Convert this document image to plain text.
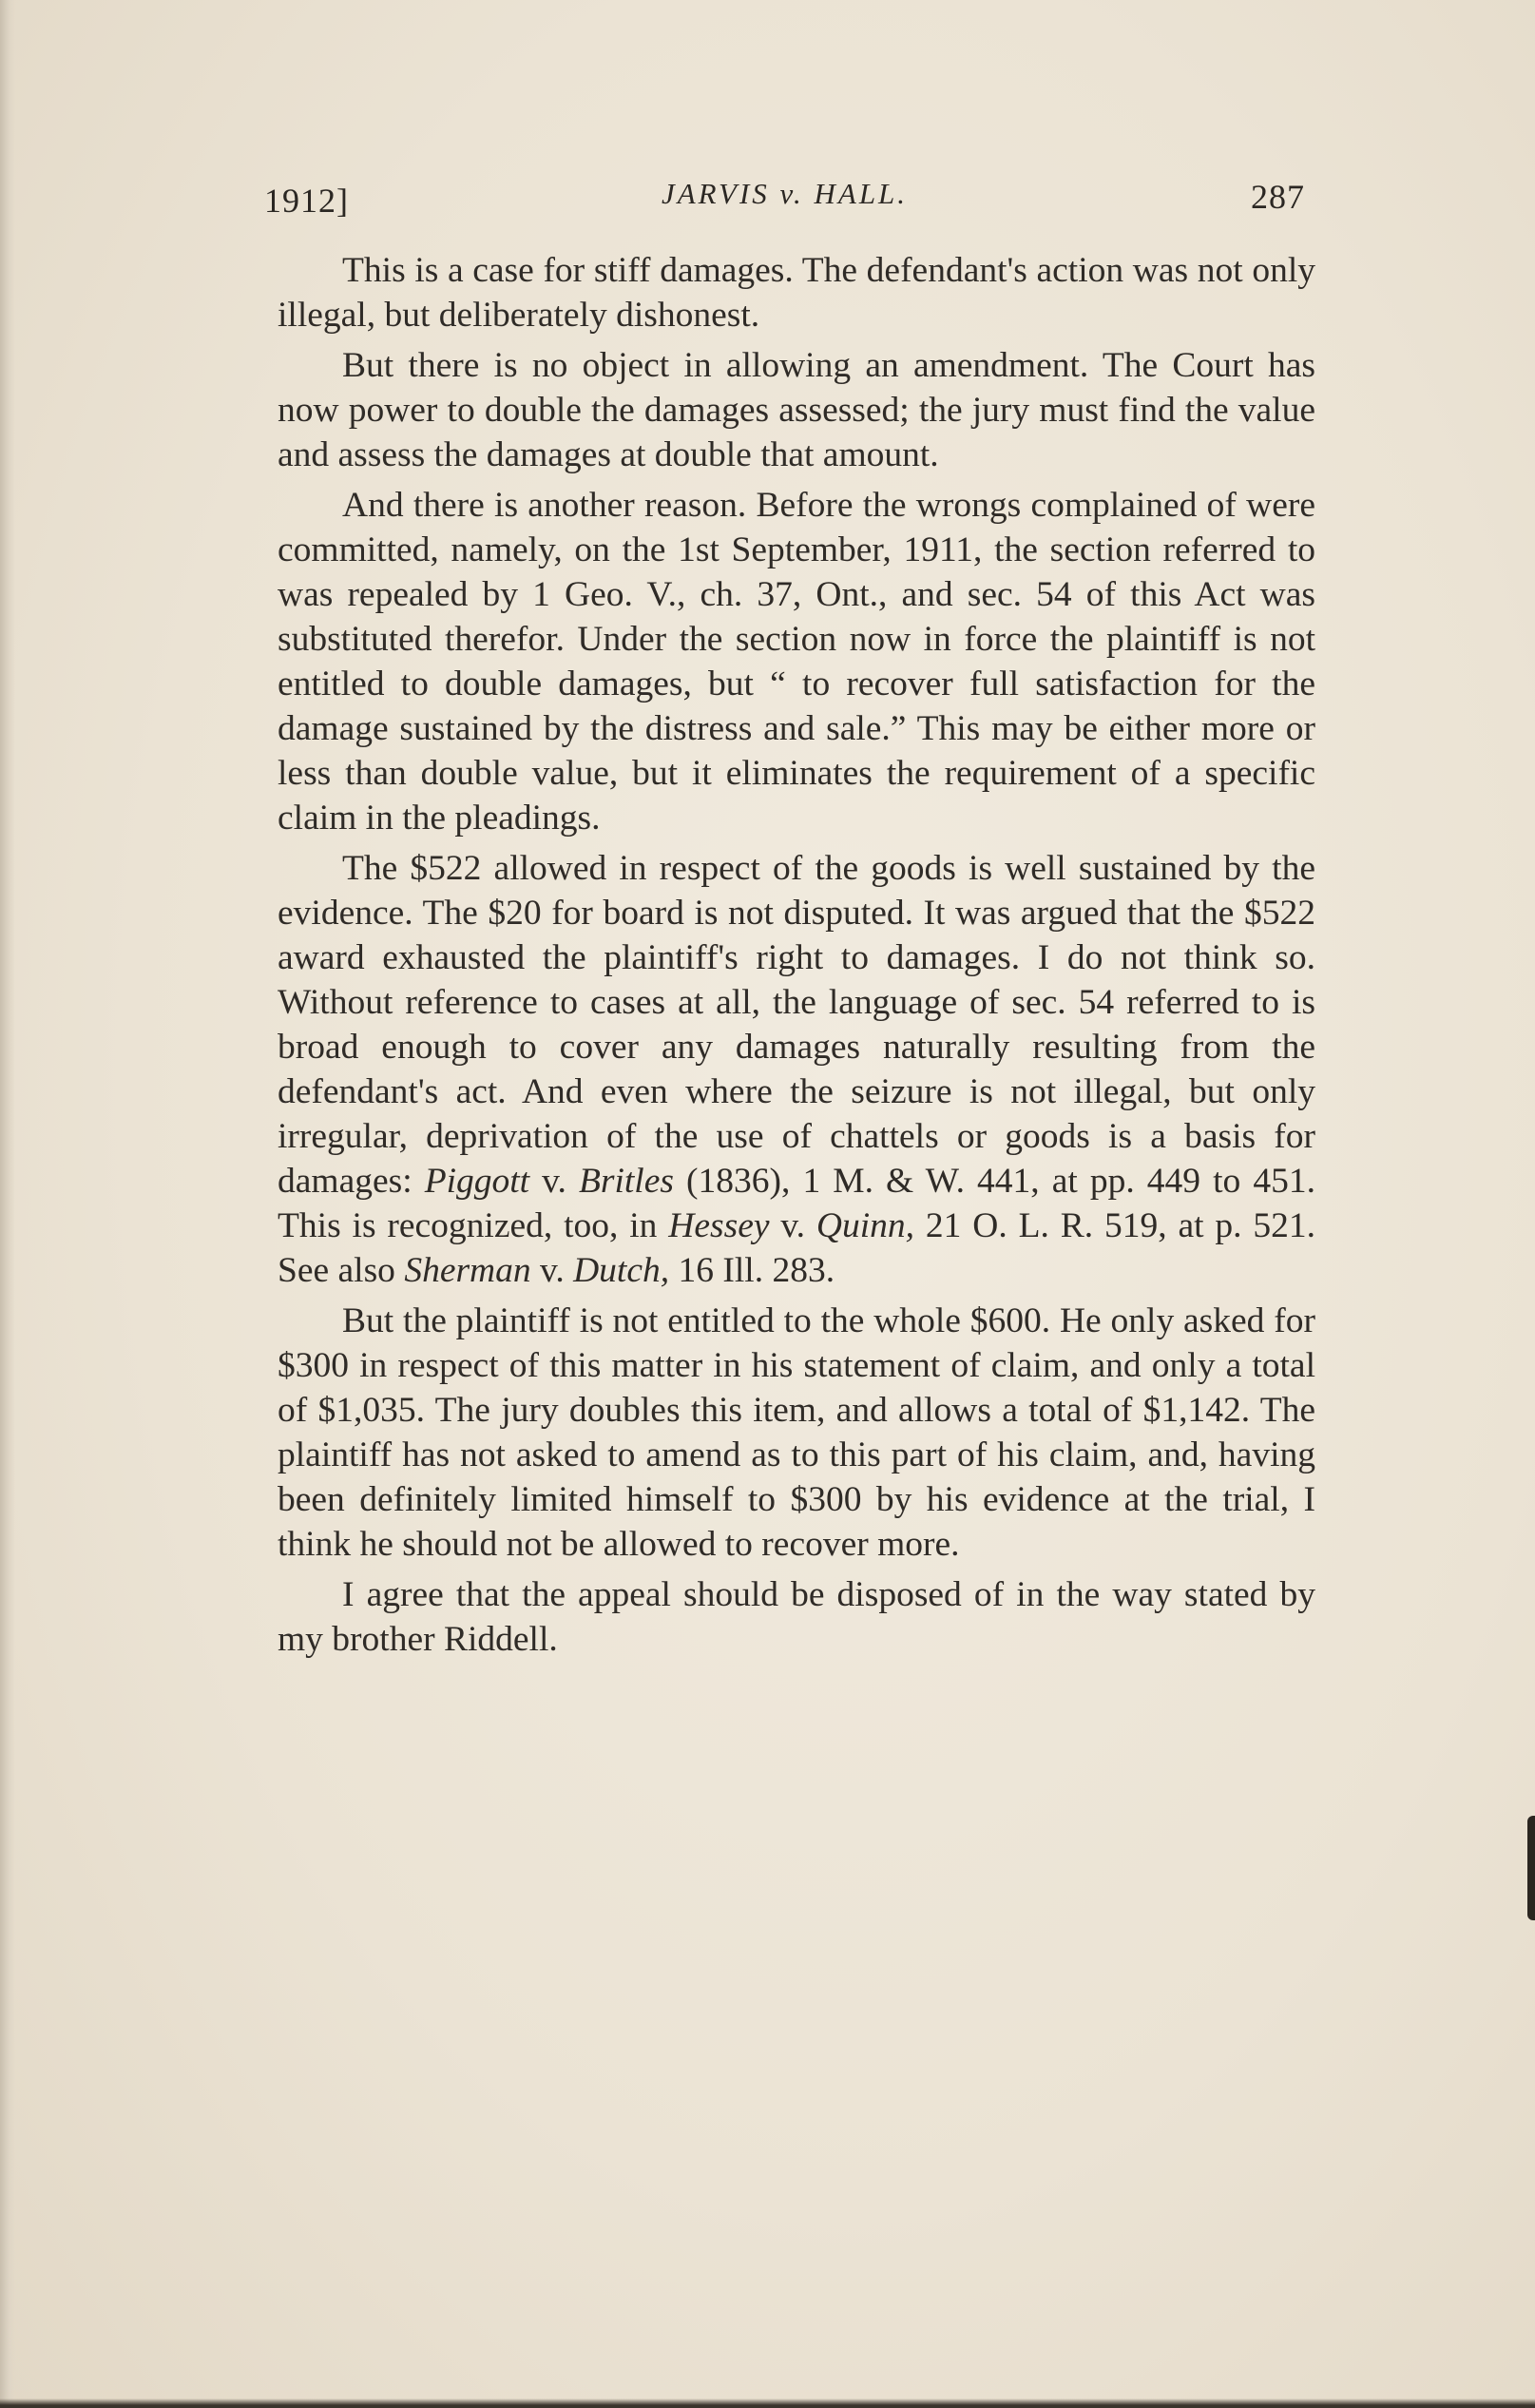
1912]	JARVIS v. HALL.	287

This is a case for stiff damages. The defendant's action was not only illegal, but deliberately dishonest.

But there is no object in allowing an amendment. The Court has now power to double the damages assessed; the jury must find the value and assess the damages at double that amount.

And there is another reason. Before the wrongs complained of were committed, namely, on the 1st September, 1911, the section referred to was repealed by 1 Geo. V., ch. 37, Ont., and sec. 54 of this Act was substituted therefor. Under the section now in force the plaintiff is not entitled to double damages, but “ to recover full satisfaction for the damage sustained by the distress and sale.” This may be either more or less than double value, but it eliminates the requirement of a specific claim in the pleadings.

The $522 allowed in respect of the goods is well sustained by the evidence. The $20 for board is not disputed. It was argued that the $522 award exhausted the plaintiff's right to damages. I do not think so. Without reference to cases at all, the language of sec. 54 referred to is broad enough to cover any damages naturally resulting from the defendant's act. And even where the seizure is not illegal, but only irregular, deprivation of the use of chattels or goods is a basis for damages: Piggott v. Britles (1836), 1 M. & W. 441, at pp. 449 to 451. This is recognized, too, in Hessey v. Quinn, 21 O. L. R. 519, at p. 521. See also Sherman v. Dutch, 16 Ill. 283.

But the plaintiff is not entitled to the whole $600. He only asked for $300 in respect of this matter in his statement of claim, and only a total of $1,035. The jury doubles this item, and allows a total of $1,142. The plaintiff has not asked to amend as to this part of his claim, and, having been definitely limited himself to $300 by his evidence at the trial, I think he should not be allowed to recover more.

I agree that the appeal should be disposed of in the way stated by my brother Riddell.
